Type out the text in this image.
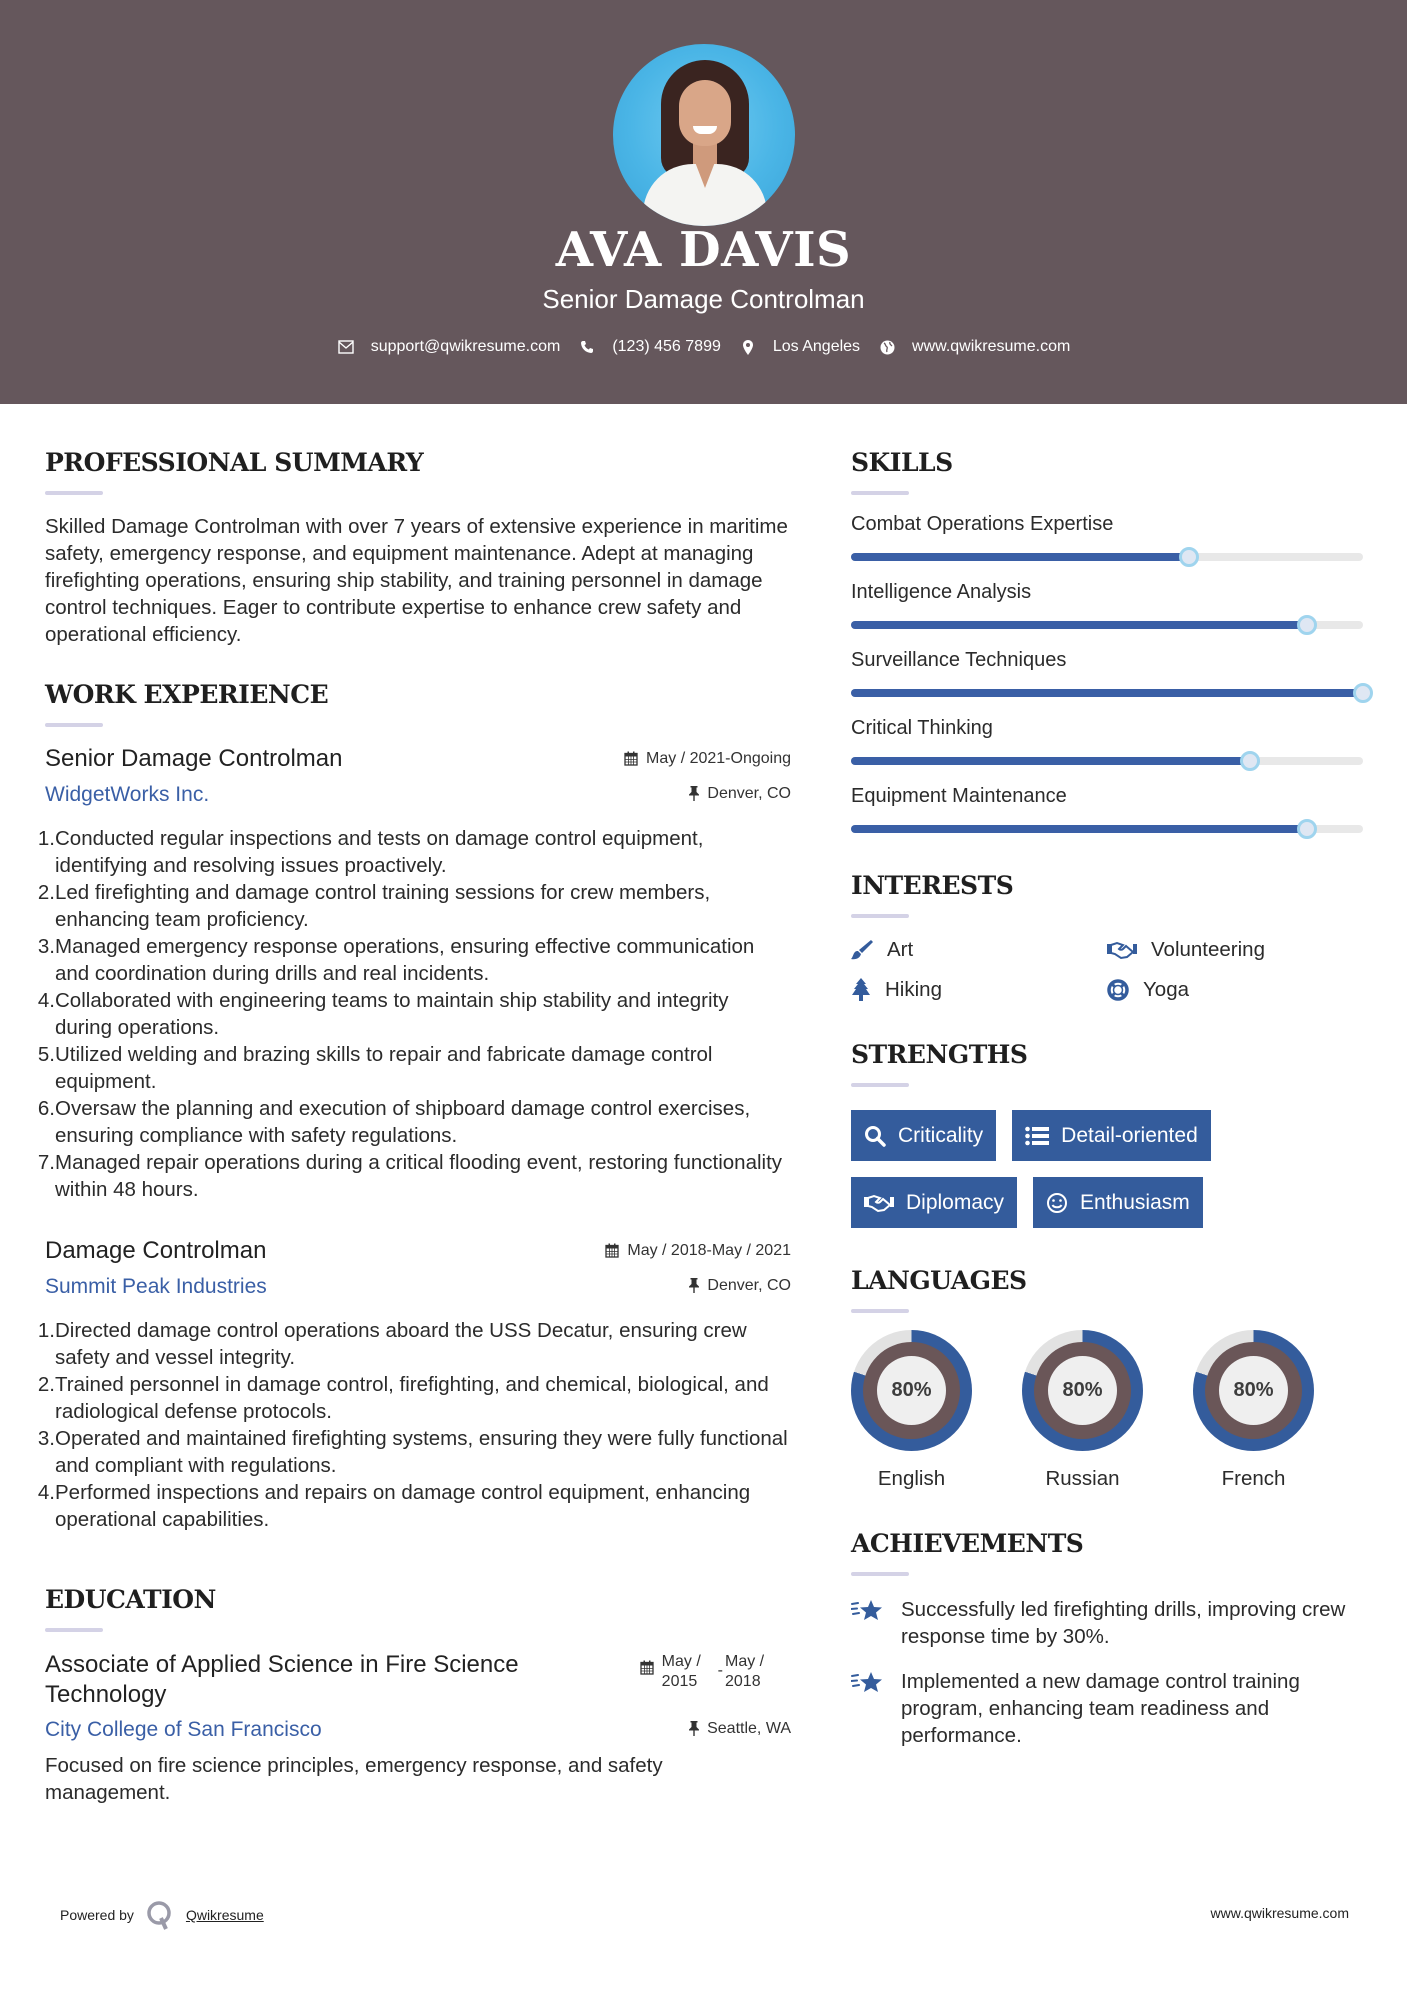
AVA DAVIS
Senior Damage Controlman
support@qwikresume.com	(123) 456 7899	Los Angeles	www.qwikresume.com
PROFESSIONAL SUMMARY
Skilled Damage Controlman with over 7 years of extensive experience in maritime safety, emergency response, and equipment maintenance. Adept at managing firefighting operations, ensuring ship stability, and training personnel in damage control techniques. Eager to contribute expertise to enhance crew safety and operational efficiency.
WORK EXPERIENCE
Senior Damage Controlman	May / 2021-Ongoing
WidgetWorks Inc.	Denver, CO
1. Conducted regular inspections and tests on damage control equipment, identifying and resolving issues proactively.
2. Led firefighting and damage control training sessions for crew members, enhancing team proficiency.
3. Managed emergency response operations, ensuring effective communication and coordination during drills and real incidents.
4. Collaborated with engineering teams to maintain ship stability and integrity during operations.
5. Utilized welding and brazing skills to repair and fabricate damage control equipment.
6. Oversaw the planning and execution of shipboard damage control exercises, ensuring compliance with safety regulations.
7. Managed repair operations during a critical flooding event, restoring functionality within 48 hours.
Damage Controlman	May / 2018-May / 2021
Summit Peak Industries	Denver, CO
1. Directed damage control operations aboard the USS Decatur, ensuring crew safety and vessel integrity.
2. Trained personnel in damage control, firefighting, and chemical, biological, and radiological defense protocols.
3. Operated and maintained firefighting systems, ensuring they were fully functional and compliant with regulations.
4. Performed inspections and repairs on damage control equipment, enhancing operational capabilities.
EDUCATION
Associate of Applied Science in Fire Science Technology
May / 2015
-
May / 2018
City College of San Francisco	Seattle, WA
Focused on fire science principles, emergency response, and safety management.
SKILLS
Combat Operations Expertise
Intelligence Analysis
Surveillance Techniques
Critical Thinking
Equipment Maintenance
INTERESTS
Art	Volunteering
Hiking	Yoga
STRENGTHS
Criticality	Detail-oriented
Diplomacy	Enthusiasm
LANGUAGES
80%
English
80%
Russian
80%
French
ACHIEVEMENTS
Successfully led firefighting drills, improving crew response time by 30%.
Implemented a new damage control training program, enhancing team readiness and performance.
Powered by	Qwikresume	www.qwikresume.com
